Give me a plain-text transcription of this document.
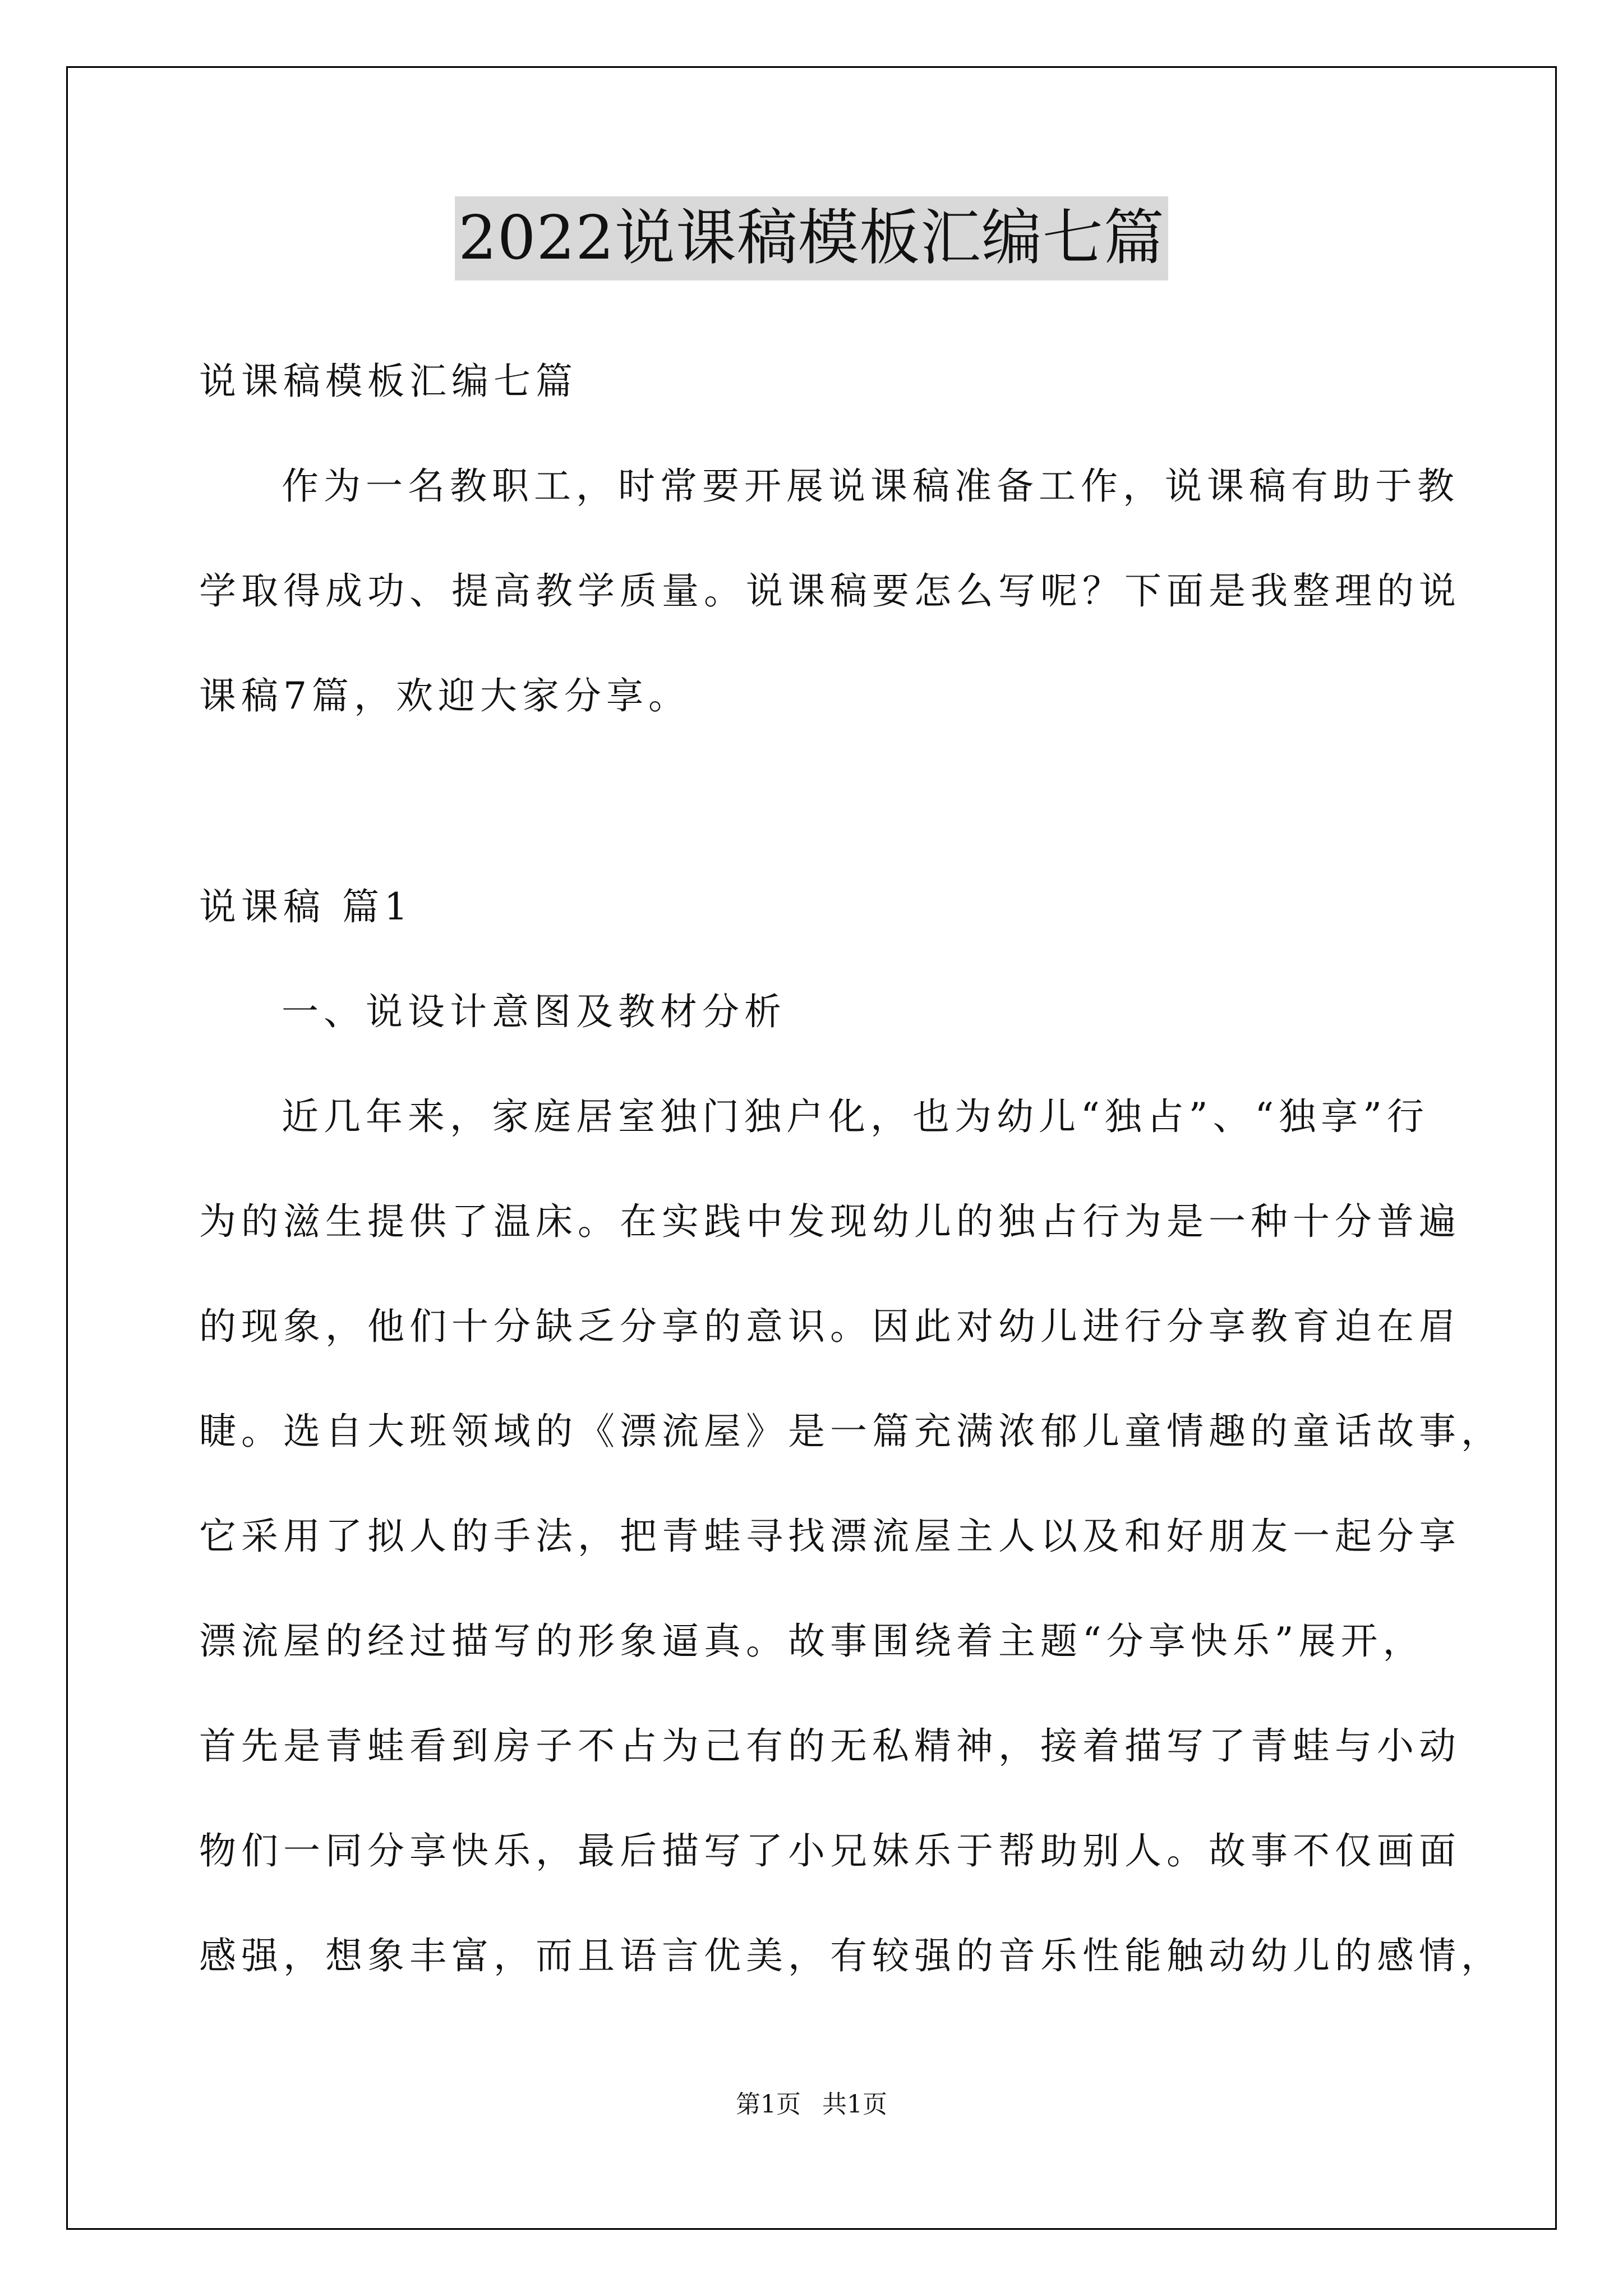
2022说课稿模板汇编七篇
说课稿模板汇编七篇
作为一名教职工，时常要开展说课稿准备工作，说课稿有助于教
学取得成功、提高教学质量。说课稿要怎么写呢？下面是我整理的说
课稿7篇，欢迎大家分享。
说课稿 篇1
一、说设计意图及教材分析
近几年来，家庭居室独门独户化，也为幼儿“独占”、“独享”行
为的滋生提供了温床。在实践中发现幼儿的独占行为是一种十分普遍
的现象，他们十分缺乏分享的意识。因此对幼儿进行分享教育迫在眉
睫。选自大班领域的《漂流屋》是一篇充满浓郁儿童情趣的童话故事，
它采用了拟人的手法，把青蛙寻找漂流屋主人以及和好朋友一起分享
漂流屋的经过描写的形象逼真。故事围绕着主题“分享快乐”展开，
首先是青蛙看到房子不占为己有的无私精神，接着描写了青蛙与小动
物们一同分享快乐，最后描写了小兄妹乐于帮助别人。故事不仅画面
感强，想象丰富，而且语言优美，有较强的音乐性能触动幼儿的感情，
第1页 共1页
